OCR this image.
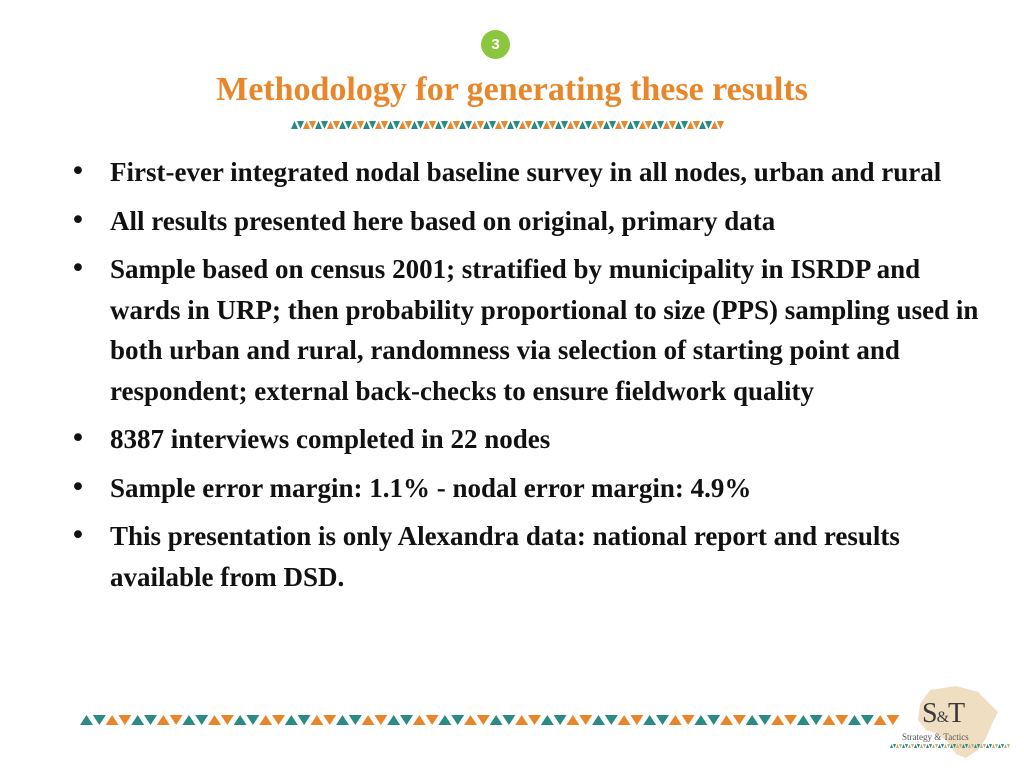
3
Methodology for generating these results
• First-ever integrated nodal baseline survey in all nodes, urban and rural
• All results presented here based on original, primary data
• Sample based on census 2001; stratified by municipality in ISRDP and wards in URP; then probability proportional to size (PPS) sampling used in both urban and rural, randomness via selection of starting point and respondent; external back-checks to ensure fieldwork quality
• 8387 interviews completed in 22 nodes
• Sample error margin: 1.1% - nodal error margin: 4.9%
• This presentation is only Alexandra data: national report and results available from DSD.
S&T
Strategy & Tactics
